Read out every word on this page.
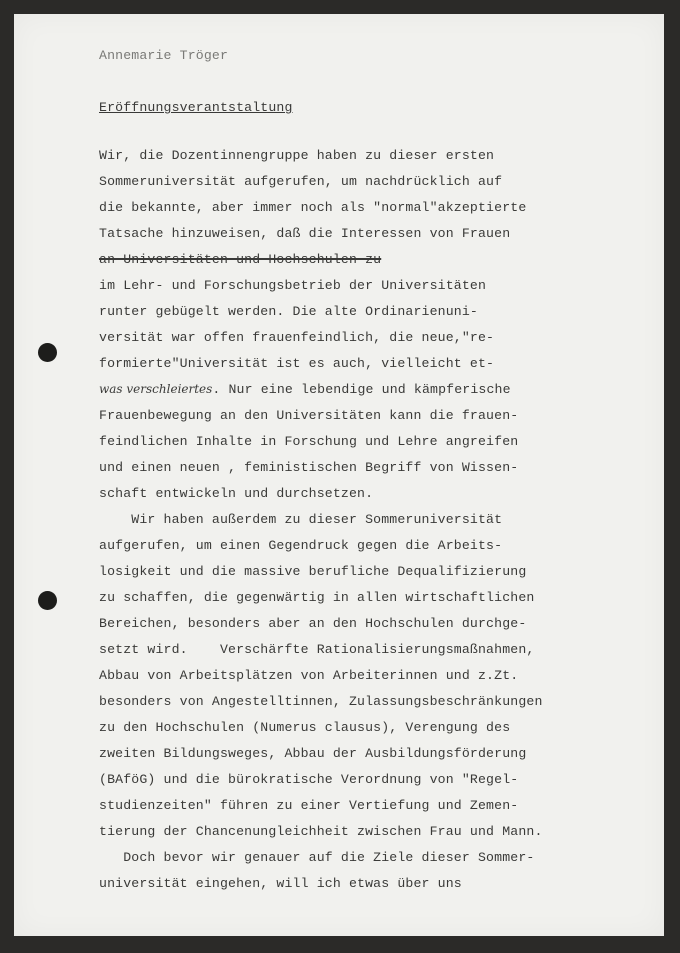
Annemarie Tröger
Eröffnungsverantstaltung
Wir, die Dozentinnengruppe haben zu dieser ersten
Sommeruniversität aufgerufen, um nachdrücklich auf
die bekannte, aber immer noch als "normal"akzeptierte
Tatsache hinzuweisen, daß die Interessen von Frauen
an Universitäten und Hochschulen zu
im Lehr- und Forschungsbetrieb der Universitäten
runter gebügelt werden. Die alte Ordinarienuni-
versität war offen frauenfeindlich, die neue,"re-
formierte"Universität ist es auch, vielleicht et-
was verschleiertes. Nur eine lebendige und kämpferische
Frauenbewegung an den Universitäten kann die frauen-
feindlichen Inhalte in Forschung und Lehre angreifen
und einen neuen , feministischen Begriff von Wissen-
schaft entwickeln und durchsetzen.
Wir haben außerdem zu dieser Sommeruniversität
aufgerufen, um einen Gegendruck gegen die Arbeits-
losigkeit und die massive berufliche Dequalifizierung
zu schaffen, die gegenwärtig in allen wirtschaftlichen
Bereichen, besonders aber an den Hochschulen durchge-
setzt wird.    Verschärfte Rationalisierungsmaßnahmen,
Abbau von Arbeitsplätzen von Arbeiterinnen und z.Zt.
besonders von Angestelltinnen, Zulassungsbeschränkungen
zu den Hochschulen (Numerus clausus), Verengung des
zweiten Bildungsweges, Abbau der Ausbildungsförderung
(BAföG) und die bürokratische Verordnung von "Regel-
studienzeiten" führen zu einer Vertiefung und Zemen-
tierung der Chancenungleichheit zwischen Frau und Mann.
Doch bevor wir genauer auf die Ziele dieser Sommer-
universität eingehen, will ich etwas über uns
